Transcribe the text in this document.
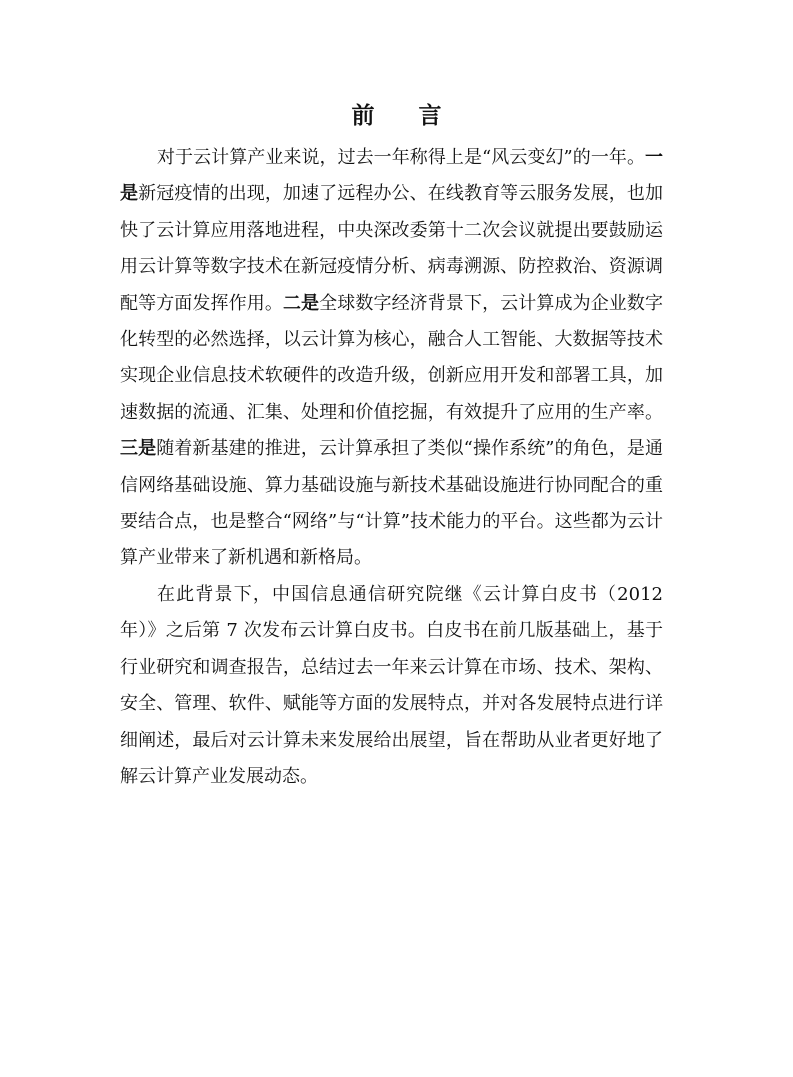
前 言

对于云计算产业来说，过去一年称得上是“风云变幻”的一年。一是新冠疫情的出现，加速了远程办公、在线教育等云服务发展，也加快了云计算应用落地进程，中央深改委第十二次会议就提出要鼓励运用云计算等数字技术在新冠疫情分析、病毒溯源、防控救治、资源调配等方面发挥作用。二是全球数字经济背景下，云计算成为企业数字化转型的必然选择，以云计算为核心，融合人工智能、大数据等技术实现企业信息技术软硬件的改造升级，创新应用开发和部署工具，加速数据的流通、汇集、处理和价值挖掘，有效提升了应用的生产率。三是随着新基建的推进，云计算承担了类似“操作系统”的角色，是通信网络基础设施、算力基础设施与新技术基础设施进行协同配合的重要结合点，也是整合“网络”与“计算”技术能力的平台。这些都为云计算产业带来了新机遇和新格局。

在此背景下，中国信息通信研究院继《云计算白皮书（2012 年）》之后第 7 次发布云计算白皮书。白皮书在前几版基础上，基于行业研究和调查报告，总结过去一年来云计算在市场、技术、架构、安全、管理、软件、赋能等方面的发展特点，并对各发展特点进行详细阐述，最后对云计算未来发展给出展望，旨在帮助从业者更好地了解云计算产业发展动态。
